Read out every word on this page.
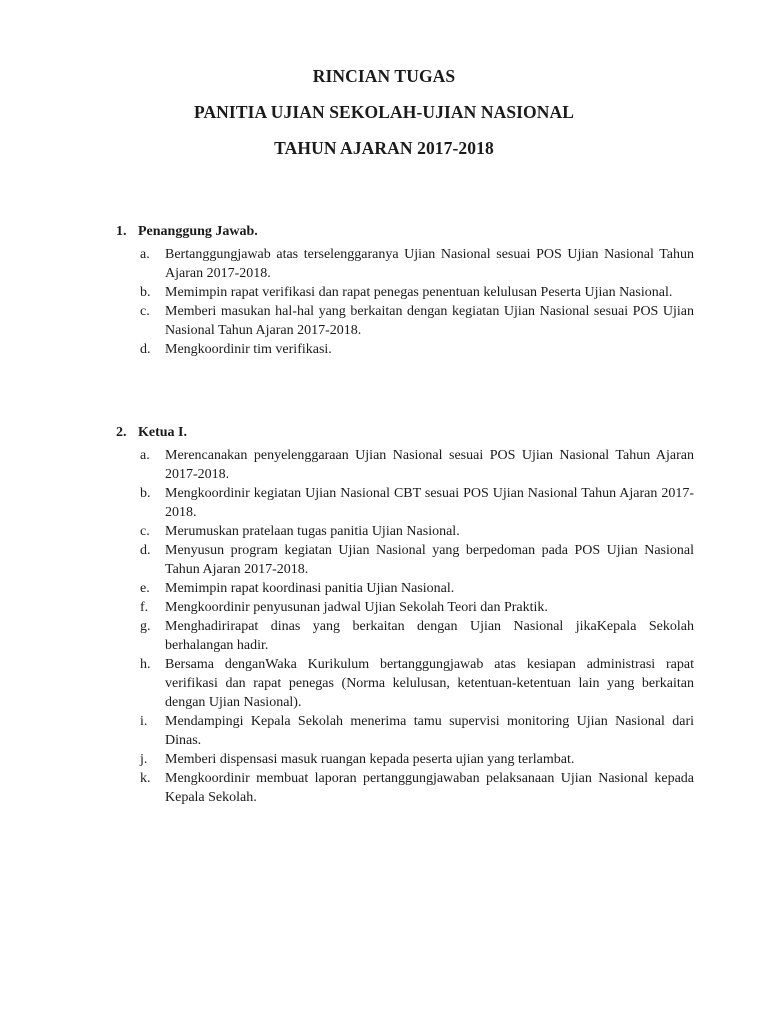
RINCIAN TUGAS
PANITIA UJIAN SEKOLAH-UJIAN NASIONAL
TAHUN AJARAN 2017-2018
1. Penanggung Jawab.
a.	Bertanggungjawab atas terselenggaranya Ujian Nasional sesuai POS Ujian Nasional Tahun Ajaran 2017-2018.
b.	Memimpin rapat verifikasi dan rapat penegas penentuan kelulusan Peserta Ujian Nasional.
c.	Memberi masukan hal-hal yang berkaitan dengan kegiatan Ujian Nasional sesuai POS Ujian Nasional Tahun Ajaran 2017-2018.
d.	Mengkoordinir tim verifikasi.
2. Ketua I.
a.	Merencanakan penyelenggaraan Ujian Nasional sesuai POS Ujian Nasional Tahun Ajaran 2017-2018.
b.	Mengkoordinir kegiatan Ujian Nasional CBT sesuai POS Ujian Nasional Tahun Ajaran 2017-2018.
c.	Merumuskan pratelaan tugas panitia Ujian Nasional.
d.	Menyusun program kegiatan Ujian Nasional yang berpedoman pada POS Ujian Nasional Tahun Ajaran 2017-2018.
e.	Memimpin rapat koordinasi panitia Ujian Nasional.
f.	Mengkoordinir penyusunan jadwal Ujian Sekolah Teori dan Praktik.
g.	Menghadirirapat dinas yang berkaitan dengan Ujian Nasional jikaKepala Sekolah berhalangan hadir.
h.	Bersama denganWaka Kurikulum bertanggungjawab atas kesiapan administrasi rapat verifikasi dan rapat penegas (Norma kelulusan, ketentuan-ketentuan lain yang berkaitan dengan Ujian Nasional).
i.	Mendampingi Kepala Sekolah menerima tamu supervisi monitoring Ujian Nasional dari Dinas.
j.	Memberi dispensasi masuk ruangan kepada peserta ujian yang terlambat.
k.	Mengkoordinir membuat laporan pertanggungjawaban pelaksanaan Ujian Nasional kepada Kepala Sekolah.
